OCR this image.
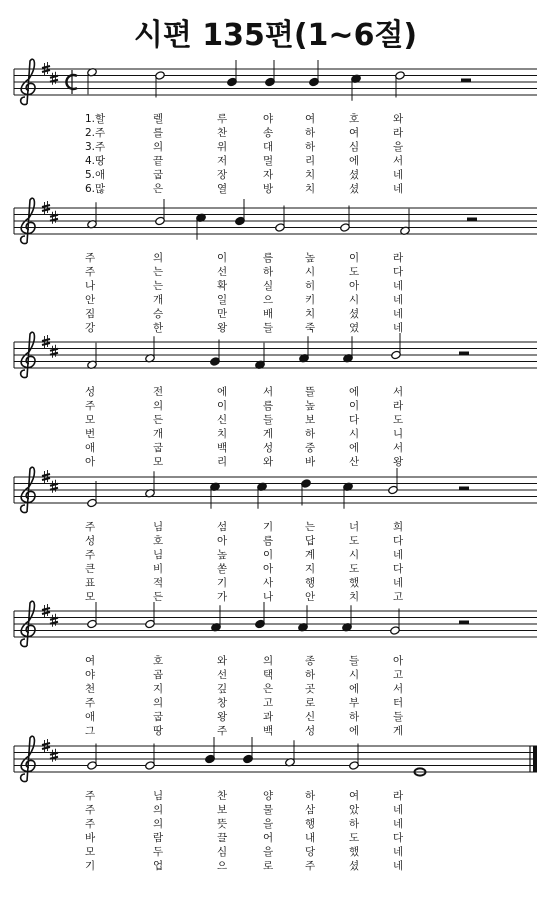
시편 135편(1~6절)
1.할	렐	루	야	여	호	와
2.주	를	찬	송	하	여	라
3.주	의	위	대	하	심	을
4.땅	끝	저	멀	리	에	서
5.애	굽	장	자	치	셨	네
6.많	은	열	방	치	셨	네
주	의	이	름	높	이	라
주	는	선	하	시	도	다
나	는	확	실	히	아	네
안	개	일	으	키	시	네
짐	승	만	배	치	셨	네
강	한	왕	들	죽	였	네
성	전	에	서	뜰	에	서
주	의	이	름	높	이	라
모	든	신	들	보	다	도
번	개	치	게	하	시	니
애	굽	백	성	중	에	서
아	모	리	와	바	산	왕
주	님	섬	기	는	너	희
성	호	아	름	답	도	다
주	님	높	이	계	시	네
큰	비	쏟	아	지	도	다
표	적	기	사	행	했	네
모	든	가	나	안	치	고
여	호	와	의	종	들	아
야	곱	선	택	하	시	고
천	지	깊	은	곳	에	서
주	의	창	고	로	부	터
애	굽	왕	과	신	하	들
그	땅	주	백	성	에	게
주	님	찬	양	하	여	라
주	의	보	물	삼	았	네
주	의	뜻	을	행	하	네
바	람	끌	어	내	도	다
모	두	심	을	당	했	네
기	업	으	로	주	셨	네
